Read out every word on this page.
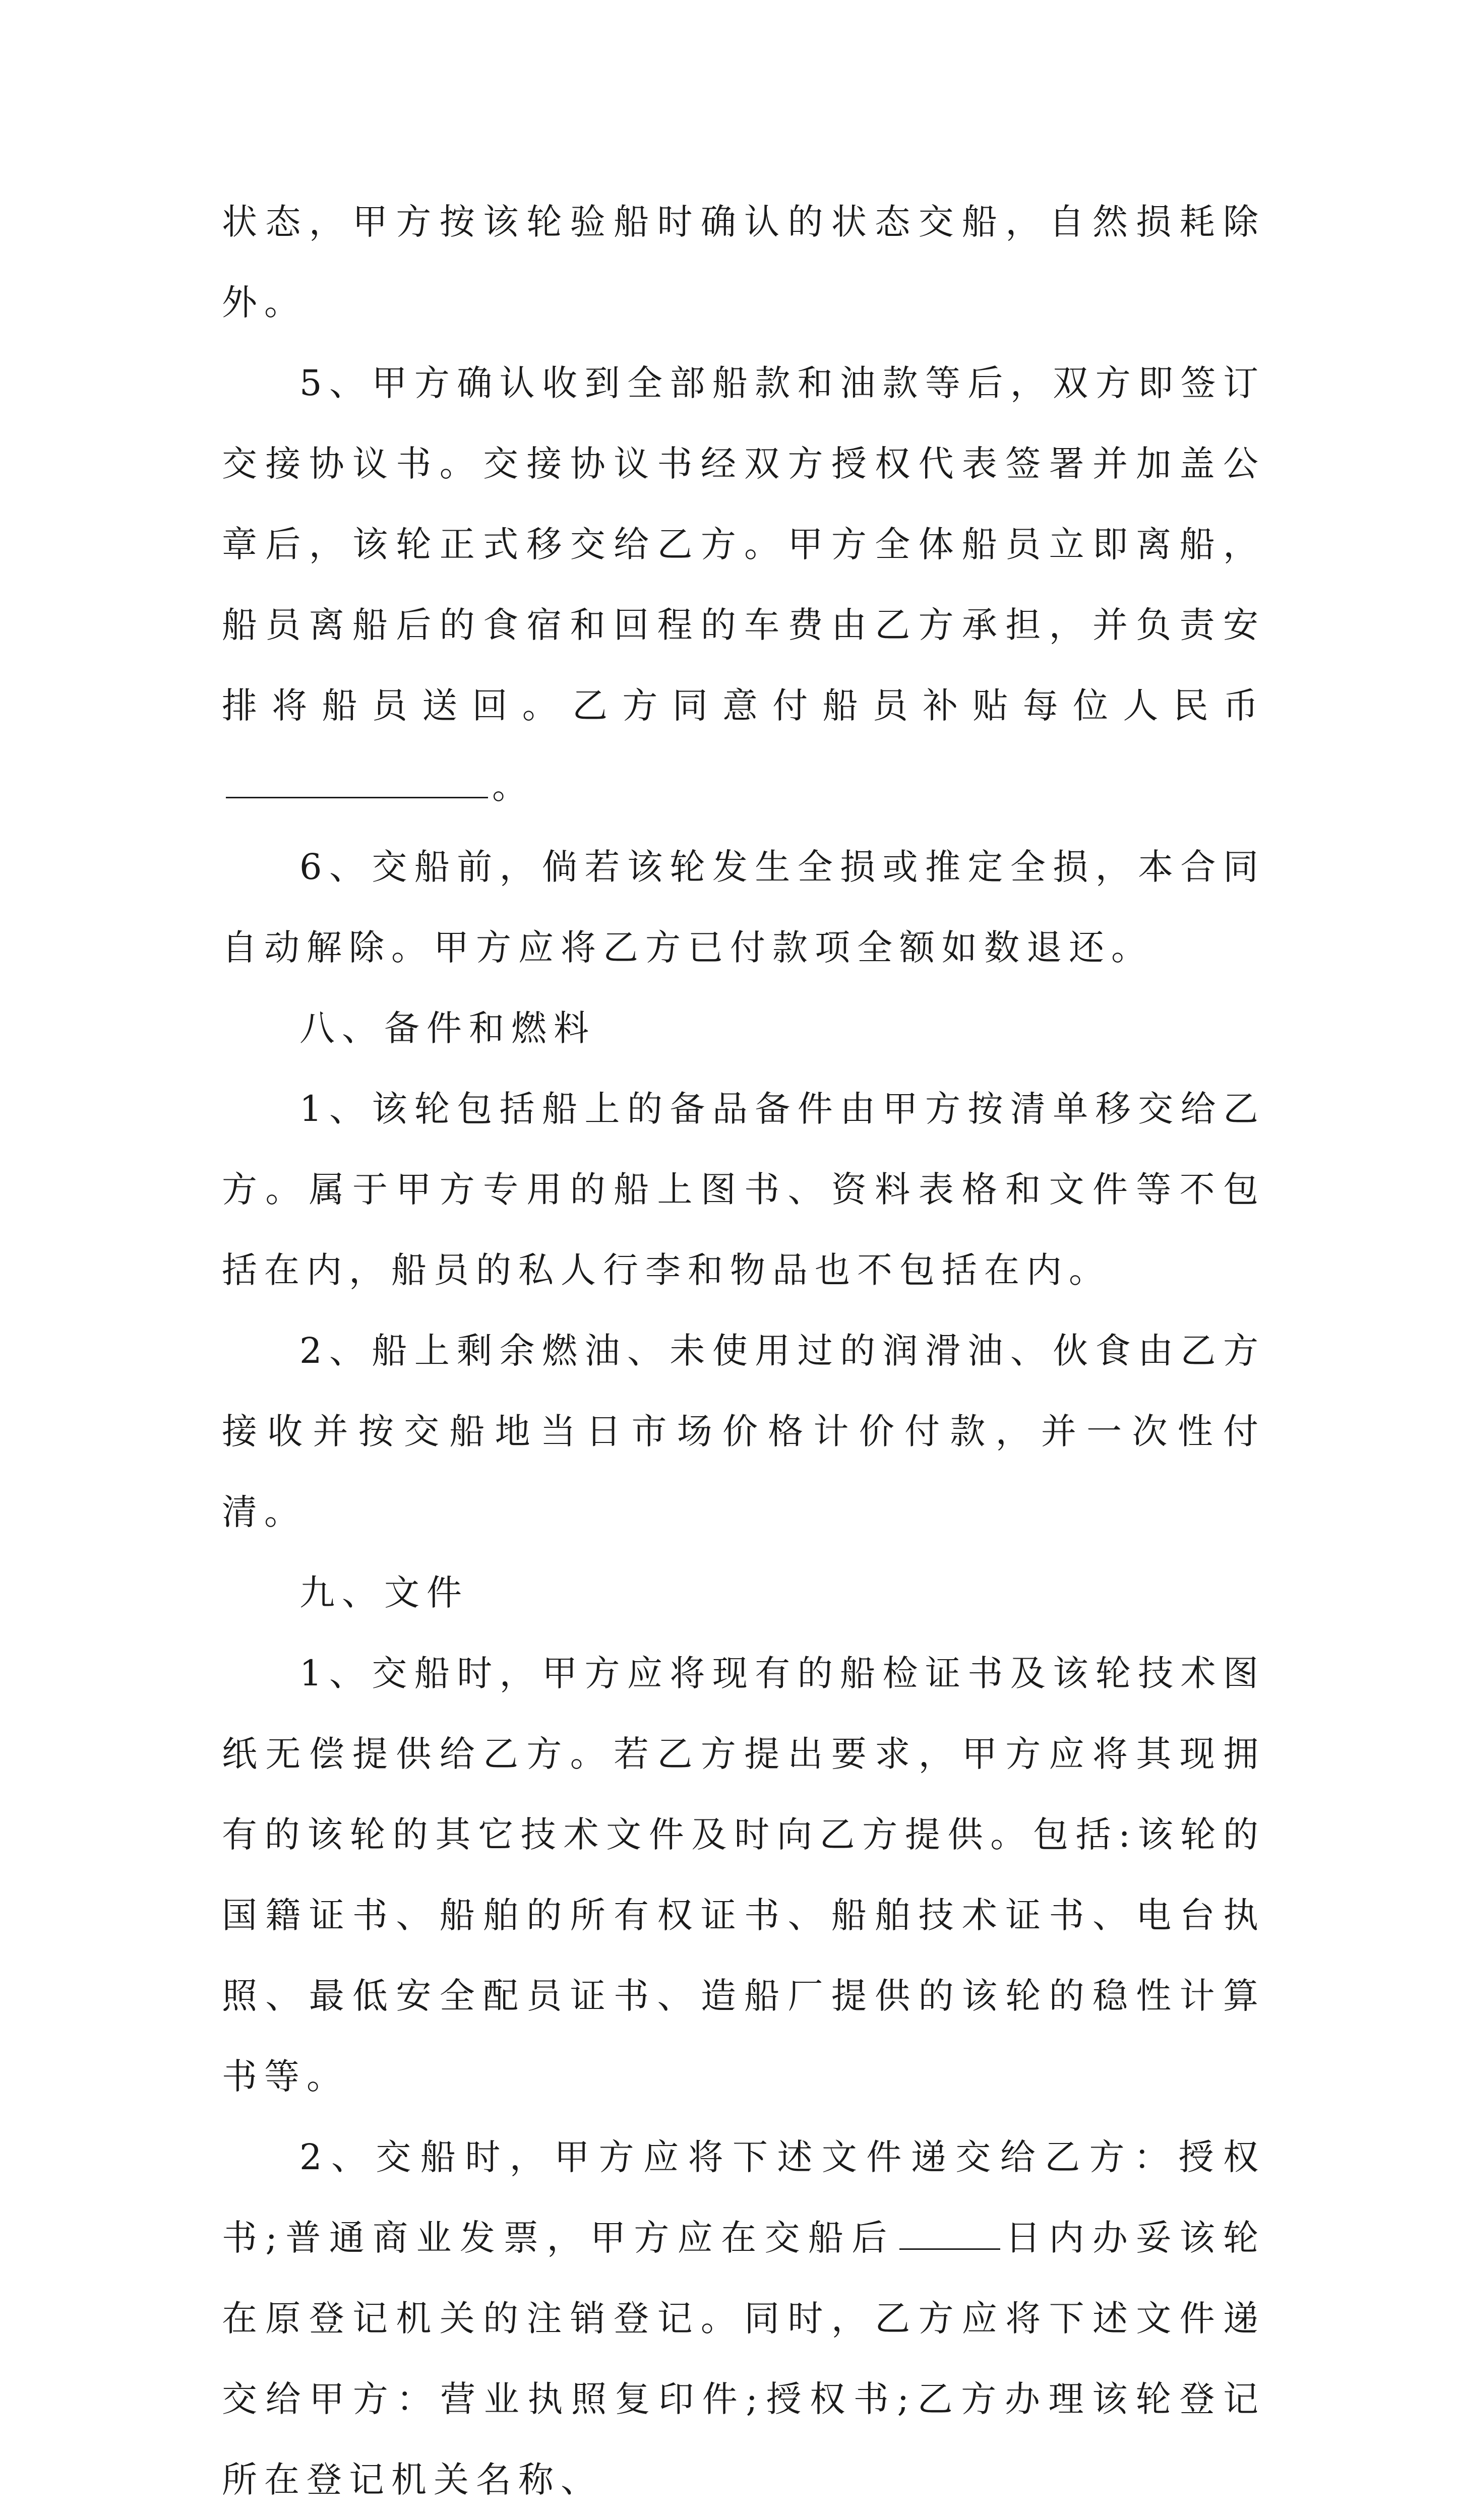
状态，甲方按该轮验船时确认的状态交船，自然损耗除外。

5、甲方确认收到全部船款和油款等后，双方即签订交接协议书。交接协议书经双方授权代表签署并加盖公章后，该轮正式移交给乙方。甲方全体船员立即离船，船员离船后的食宿和回程的车费由乙方承担，并负责安排将船员送回。乙方同意付船员补贴每位人民币。

6、交船前，倘若该轮发生全损或推定全损，本合同自动解除。甲方应将乙方已付款项全额如数退还。

八、备件和燃料

1、该轮包括船上的备品备件由甲方按清单移交给乙方。属于甲方专用的船上图书、资料表格和文件等不包括在内，船员的私人行李和物品也不包括在内。

2、船上剩余燃油、未使用过的润滑油、伙食由乙方接收并按交船地当日市场价格计价付款，并一次性付清。

九、文件

1、交船时，甲方应将现有的船检证书及该轮技术图纸无偿提供给乙方。若乙方提出要求，甲方应将其现拥有的该轮的其它技术文件及时向乙方提供。包括:该轮的国籍证书、船舶的所有权证书、船舶技术证书、电台执照、最低安全配员证书、造船厂提供的该轮的稳性计算书等。

2、交船时，甲方应将下述文件递交给乙方：授权书;普通商业发票，甲方应在交船后	日内办妥该轮在原登记机关的注销登记。同时，乙方应将下述文件递交给甲方：营业执照复印件;授权书;乙方办理该轮登记所在登记机关名称、
